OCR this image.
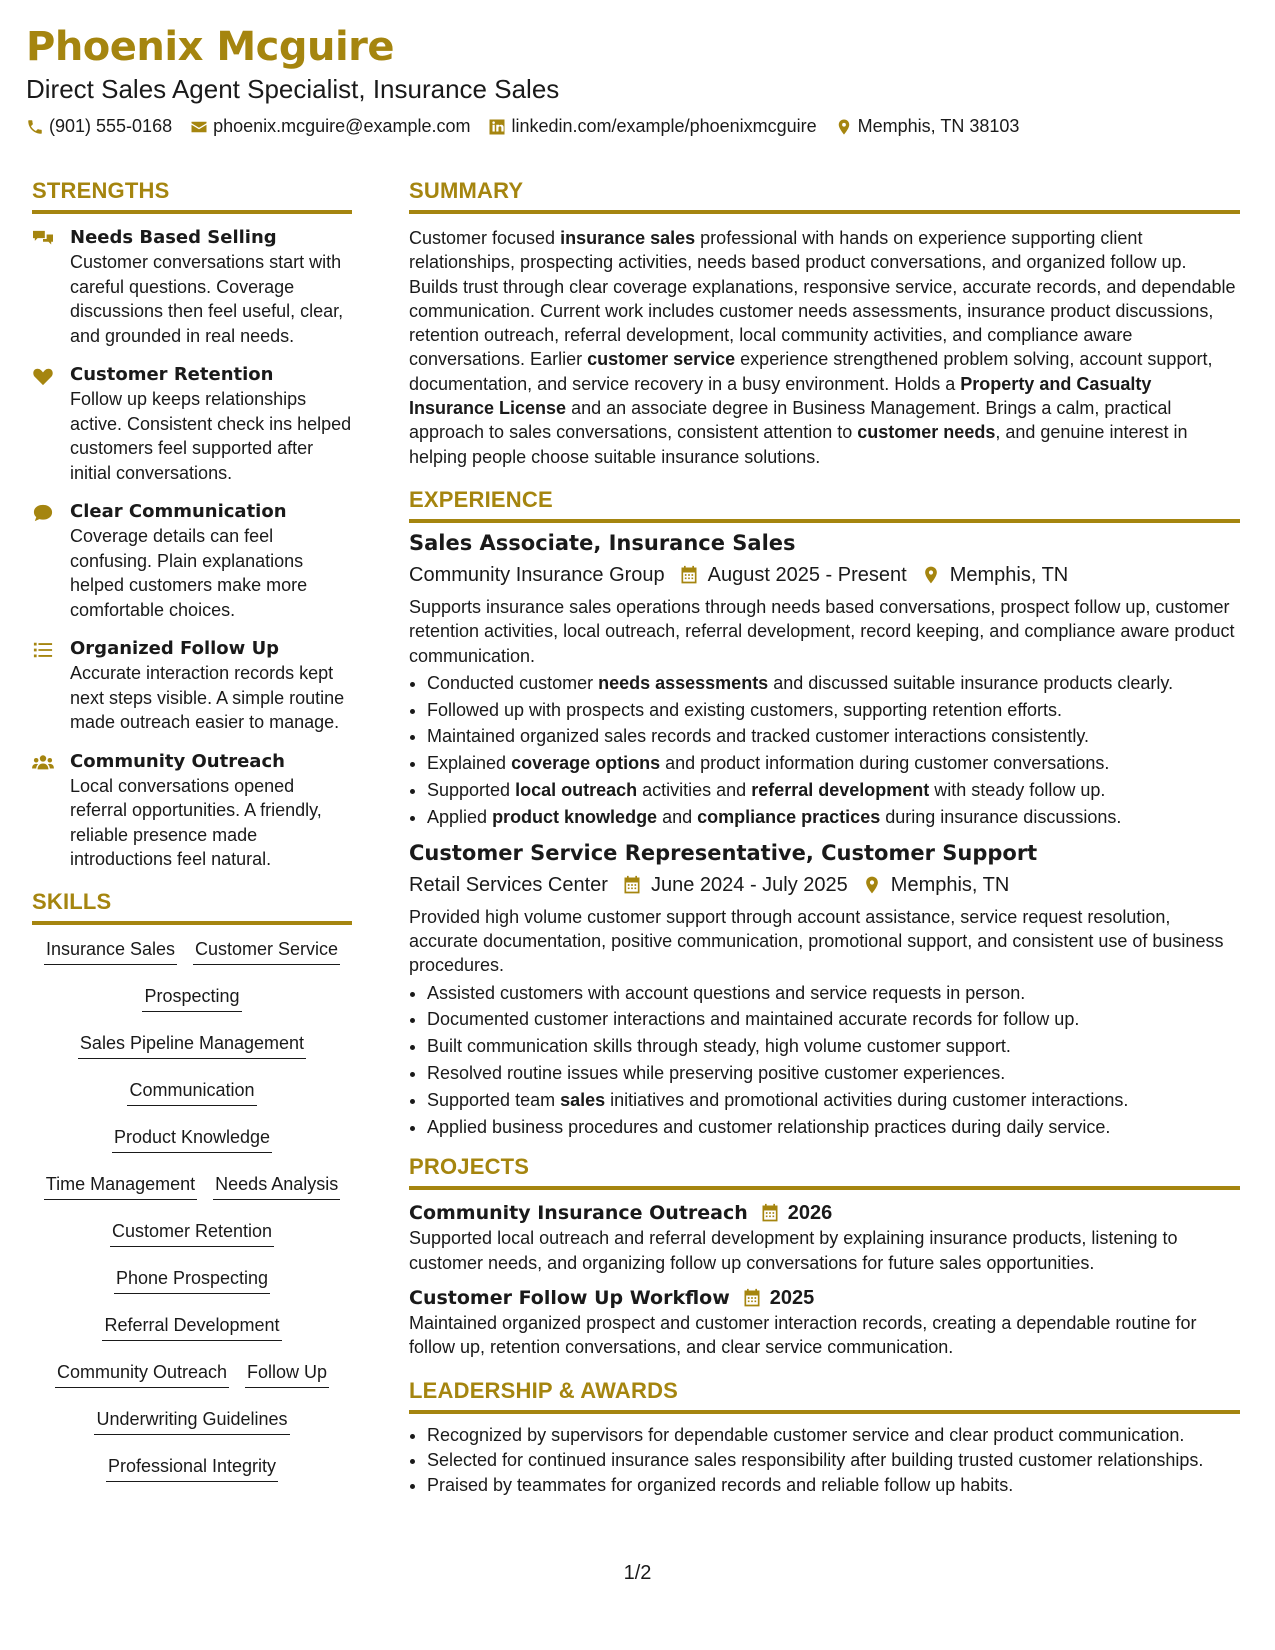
Phoenix Mcguire
Direct Sales Agent Specialist, Insurance Sales
(901) 555-0168 phoenix.mcguire@example.com linkedin.com/example/phoenixmcguire Memphis, TN 38103
STRENGTHS
Needs Based Selling
Customer conversations start with careful questions. Coverage discussions then feel useful, clear, and grounded in real needs.
Customer Retention
Follow up keeps relationships active. Consistent check ins helped customers feel supported after initial conversations.
Clear Communication
Coverage details can feel confusing. Plain explanations helped customers make more comfortable choices.
Organized Follow Up
Accurate interaction records kept next steps visible. A simple routine made outreach easier to manage.
Community Outreach
Local conversations opened referral opportunities. A friendly, reliable presence made introductions feel natural.
SKILLS
Insurance Sales Customer Service
Prospecting
Sales Pipeline Management
Communication
Product Knowledge
Time Management Needs Analysis
Customer Retention
Phone Prospecting
Referral Development
Community Outreach Follow Up
Underwriting Guidelines
Professional Integrity
SUMMARY

Customer focused insurance sales professional with hands on experience supporting client relationships, prospecting activities, needs based product conversations, and organized follow up. Builds trust through clear coverage explanations, responsive service, accurate records, and dependable communication. Current work includes customer needs assessments, insurance product discussions, retention outreach, referral development, local community activities, and compliance aware conversations. Earlier customer service experience strengthened problem solving, account support, documentation, and service recovery in a busy environment. Holds a Property and Casualty Insurance License and an associate degree in Business Management. Brings a calm, practical approach to sales conversations, consistent attention to customer needs, and genuine interest in helping people choose suitable insurance solutions.

EXPERIENCE
Sales Associate, Insurance Sales
Community Insurance Group August 2025 - Present Memphis, TN

Supports insurance sales operations through needs based conversations, prospect follow up, customer retention activities, local outreach, referral development, record keeping, and compliance aware product communication.

• Conducted customer needs assessments and discussed suitable insurance products clearly.
• Followed up with prospects and existing customers, supporting retention efforts.
• Maintained organized sales records and tracked customer interactions consistently.
• Explained coverage options and product information during customer conversations.
• Supported local outreach activities and referral development with steady follow up.
• Applied product knowledge and compliance practices during insurance discussions.
Customer Service Representative, Customer Support
Retail Services Center June 2024 - July 2025 Memphis, TN

Provided high volume customer support through account assistance, service request resolution, accurate documentation, positive communication, promotional support, and consistent use of business procedures.

• Assisted customers with account questions and service requests in person.
• Documented customer interactions and maintained accurate records for follow up.
• Built communication skills through steady, high volume customer support.
• Resolved routine issues while preserving positive customer experiences.
• Supported team sales initiatives and promotional activities during customer interactions.
• Applied business procedures and customer relationship practices during daily service.
PROJECTS
Community Insurance Outreach 2026

Supported local outreach and referral development by explaining insurance products, listening to customer needs, and organizing follow up conversations for future sales opportunities.

Customer Follow Up Workflow 2025

Maintained organized prospect and customer interaction records, creating a dependable routine for follow up, retention conversations, and clear service communication.

LEADERSHIP & AWARDS
• Recognized by supervisors for dependable customer service and clear product communication.
• Selected for continued insurance sales responsibility after building trusted customer relationships.
• Praised by teammates for organized records and reliable follow up habits.
1/2
